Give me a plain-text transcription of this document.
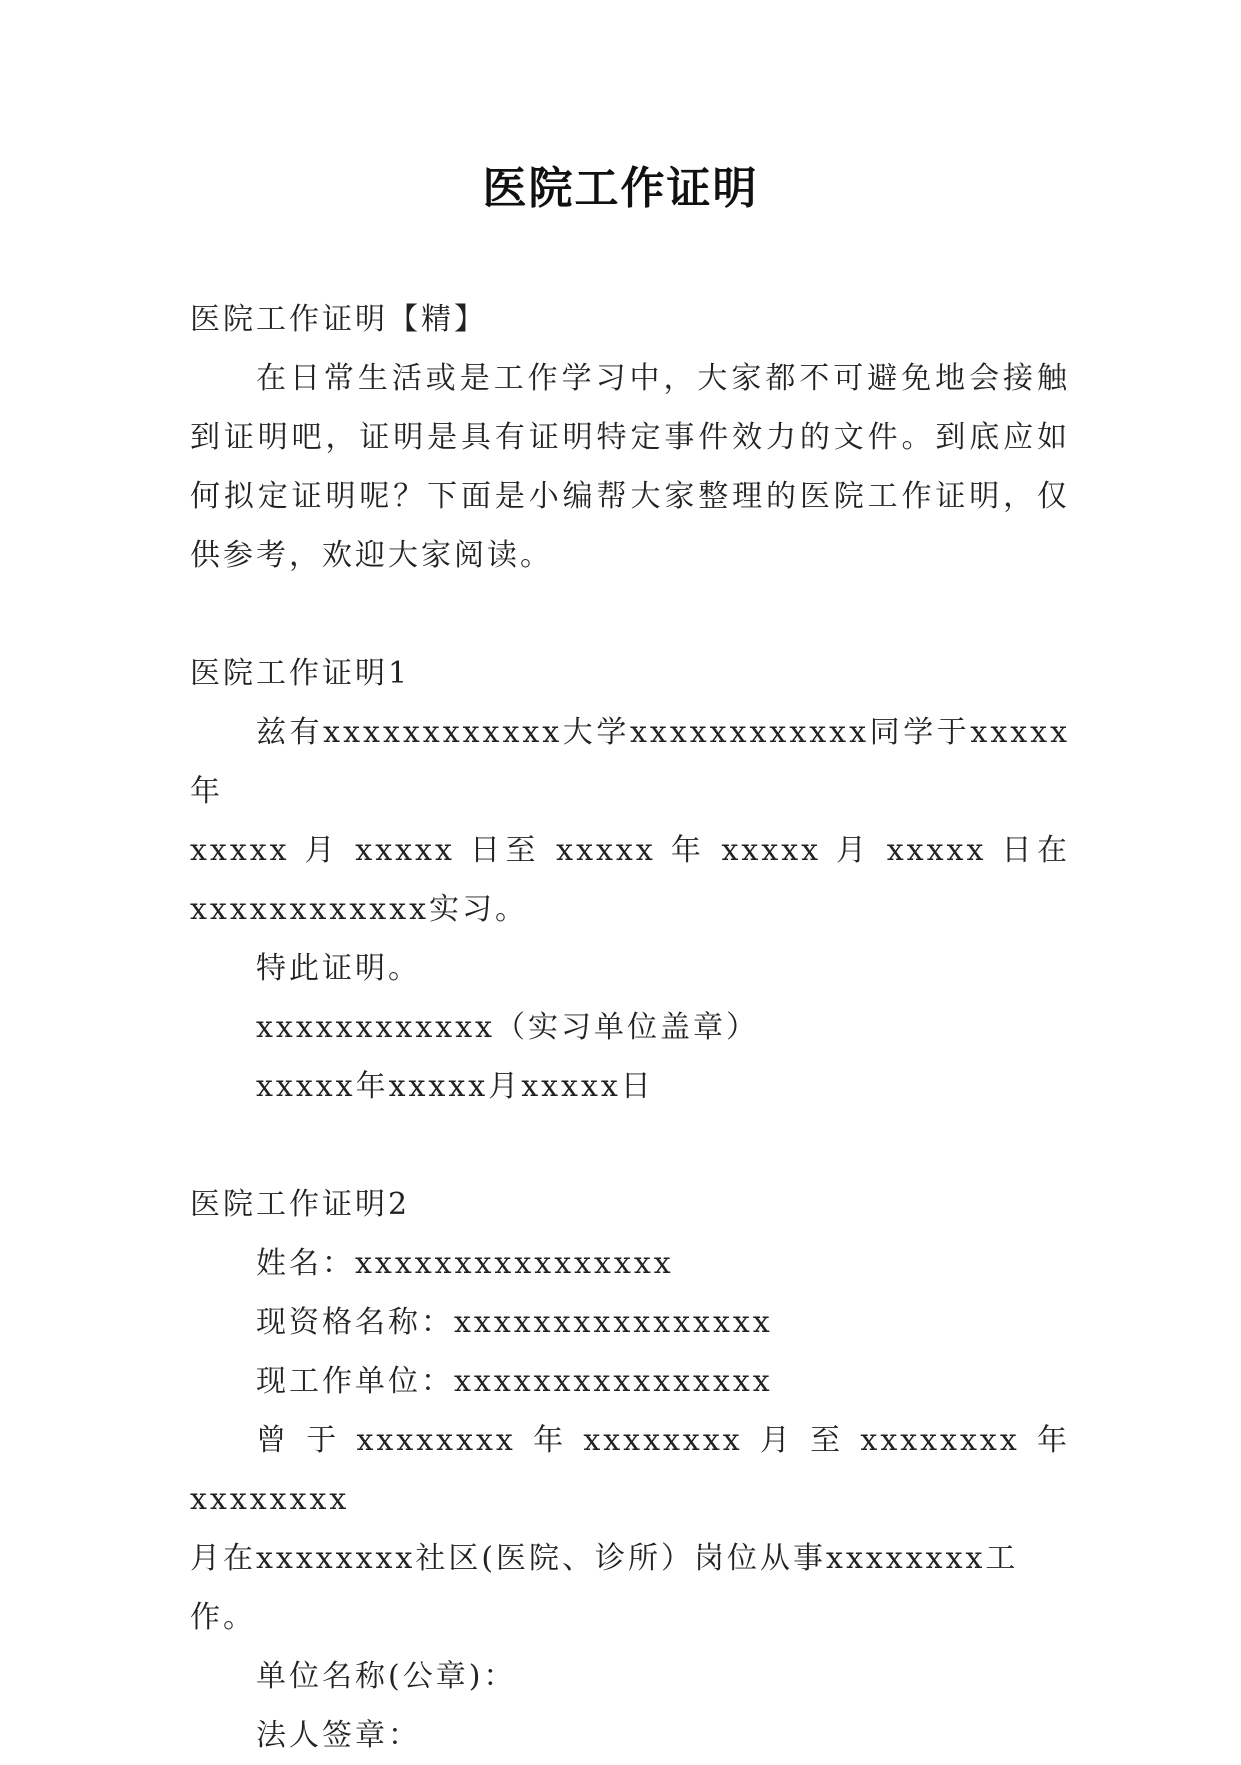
医院工作证明

医院工作证明【精】

在日常生活或是工作学习中，大家都不可避免地会接触

到证明吧，证明是具有证明特定事件效力的文件。到底应如

何拟定证明呢？下面是小编帮大家整理的医院工作证明，仅

供参考，欢迎大家阅读。

医院工作证明1

兹有xxxxxxxxxxxx大学xxxxxxxxxxxx同学于xxxxx年

xxxxx 月 xxxxx 日至 xxxxx 年 xxxxx 月 xxxxx 日在

xxxxxxxxxxxx实习。

特此证明。

xxxxxxxxxxxx（实习单位盖章）

xxxxx年xxxxx月xxxxx日

医院工作证明2

姓名：xxxxxxxxxxxxxxxx

现资格名称：xxxxxxxxxxxxxxxx

现工作单位：xxxxxxxxxxxxxxxx

曾于xxxxxxxx年xxxxxxxx月至xxxxxxxx年xxxxxxxx

月在xxxxxxxx社区(医院、诊所）岗位从事xxxxxxxx工作。

单位名称(公章)：

法人签章：
